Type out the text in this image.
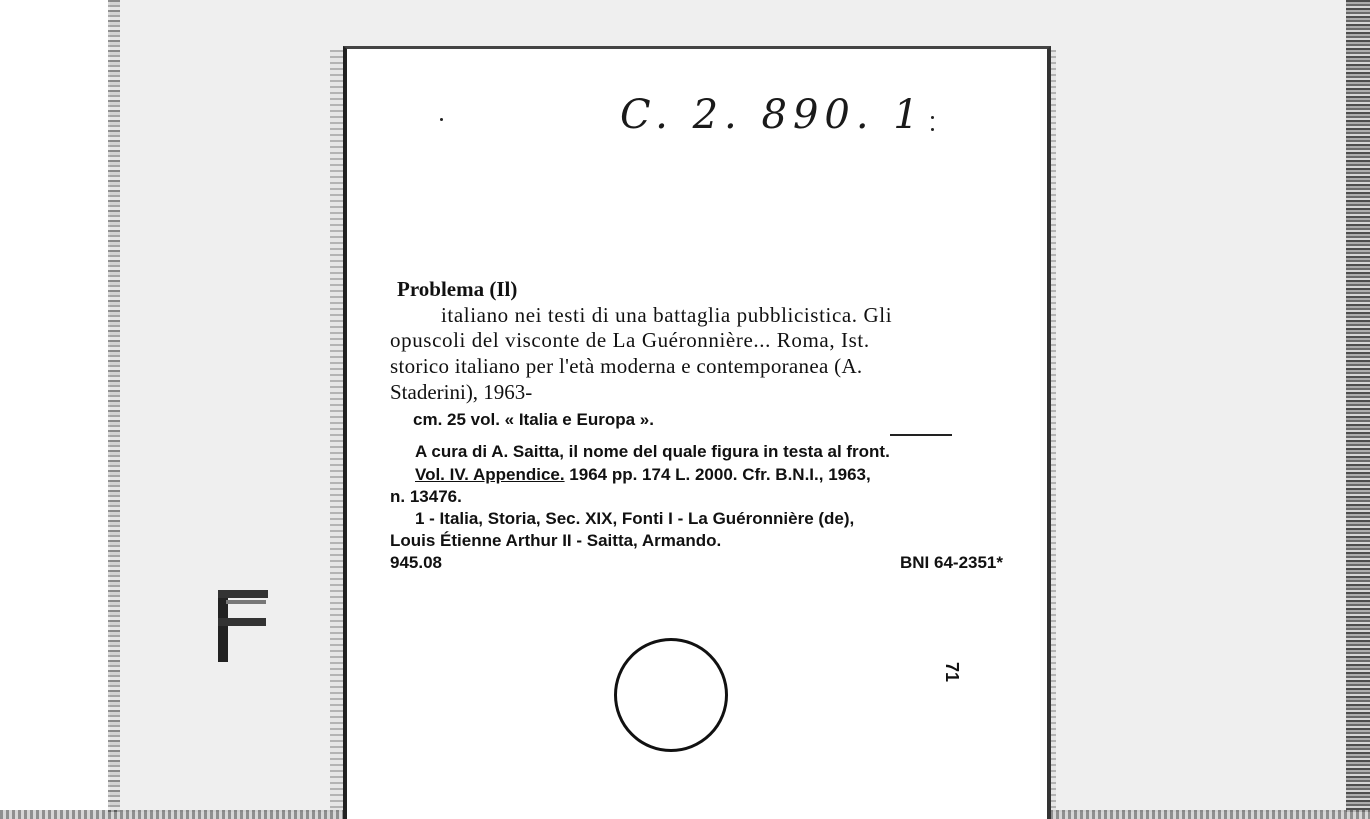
C. 2. 890. 1
Problema (Il)
italiano nei testi di una battaglia pubblicistica. Gli
opuscoli del visconte de La Guéronnière... Roma, Ist.
storico italiano per l'età moderna e contemporanea (A.
Staderini), 1963-
cm. 25 vol. « Italia e Europa ».
A cura di A. Saitta, il nome del quale figura in testa al front.
Vol. IV. Appendice. 1964 pp. 174 L. 2000. Cfr. B.N.I., 1963,
n. 13476.
1 - Italia, Storia, Sec. XIX, Fonti I - La Guéronnière (de),
Louis Étienne Arthur II - Saitta, Armando.
945.08	BNI 64-2351*
71
